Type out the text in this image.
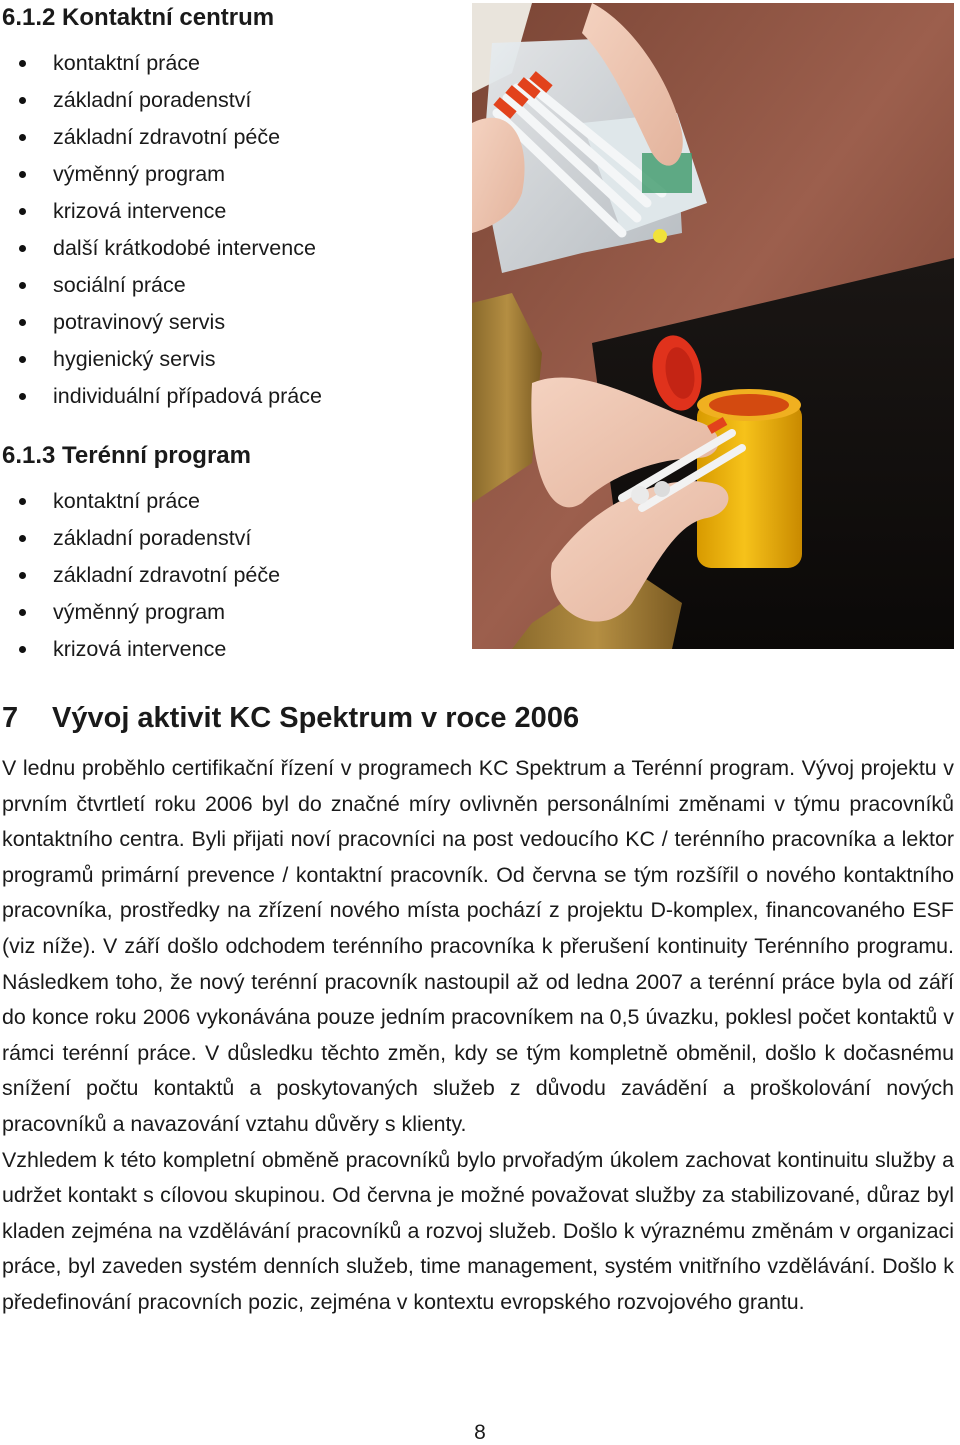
6.1.2 Kontaktní centrum
kontaktní práce
základní poradenství
základní zdravotní péče
výměnný program
krizová intervence
další krátkodobé intervence
sociální práce
potravinový servis
hygienický servis
individuální případová práce
6.1.3 Terénní program
kontaktní práce
základní poradenství
základní zdravotní péče
výměnný program
krizová intervence
7 Vývoj aktivit KC Spektrum v roce 2006

V lednu proběhlo certifikační řízení v programech KC Spektrum a Terénní program. Vývoj projektu v prvním čtvrtletí roku 2006 byl do značné míry ovlivněn personálními změnami v týmu pracovníků kontaktního centra. Byli přijati noví pracovníci na post vedoucího KC / terénního pracovníka a lektor programů primární prevence / kontaktní pracovník. Od června se tým rozšířil o nového kontaktního pracovníka, prostředky na zřízení nového místa pochází z projektu D-komplex, financovaného ESF (viz níže). V září došlo odchodem terénního pracovníka k přerušení kontinuity Terénního programu. Následkem toho, že nový terénní pracovník nastoupil až od ledna 2007 a terénní práce byla od září do konce roku 2006 vykonávána pouze jedním pracovníkem na 0,5 úvazku, poklesl počet kontaktů v rámci terénní práce. V důsledku těchto změn, kdy se tým kompletně obměnil, došlo k dočasnému snížení počtu kontaktů a poskytovaných služeb z důvodu zavádění a proškolování nových pracovníků a navazování vztahu důvěry s klienty.

Vzhledem k této kompletní obměně pracovníků bylo prvořadým úkolem zachovat kontinuitu služby a udržet kontakt s cílovou skupinou. Od června je možné považovat služby za stabilizované, důraz byl kladen zejména na vzdělávání pracovníků a rozvoj služeb. Došlo k výraznému změnám v organizaci práce, byl zaveden systém denních služeb, time management, systém vnitřního vzdělávání. Došlo k předefinování pracovních pozic, zejména v kontextu evropského rozvojového grantu.

8
